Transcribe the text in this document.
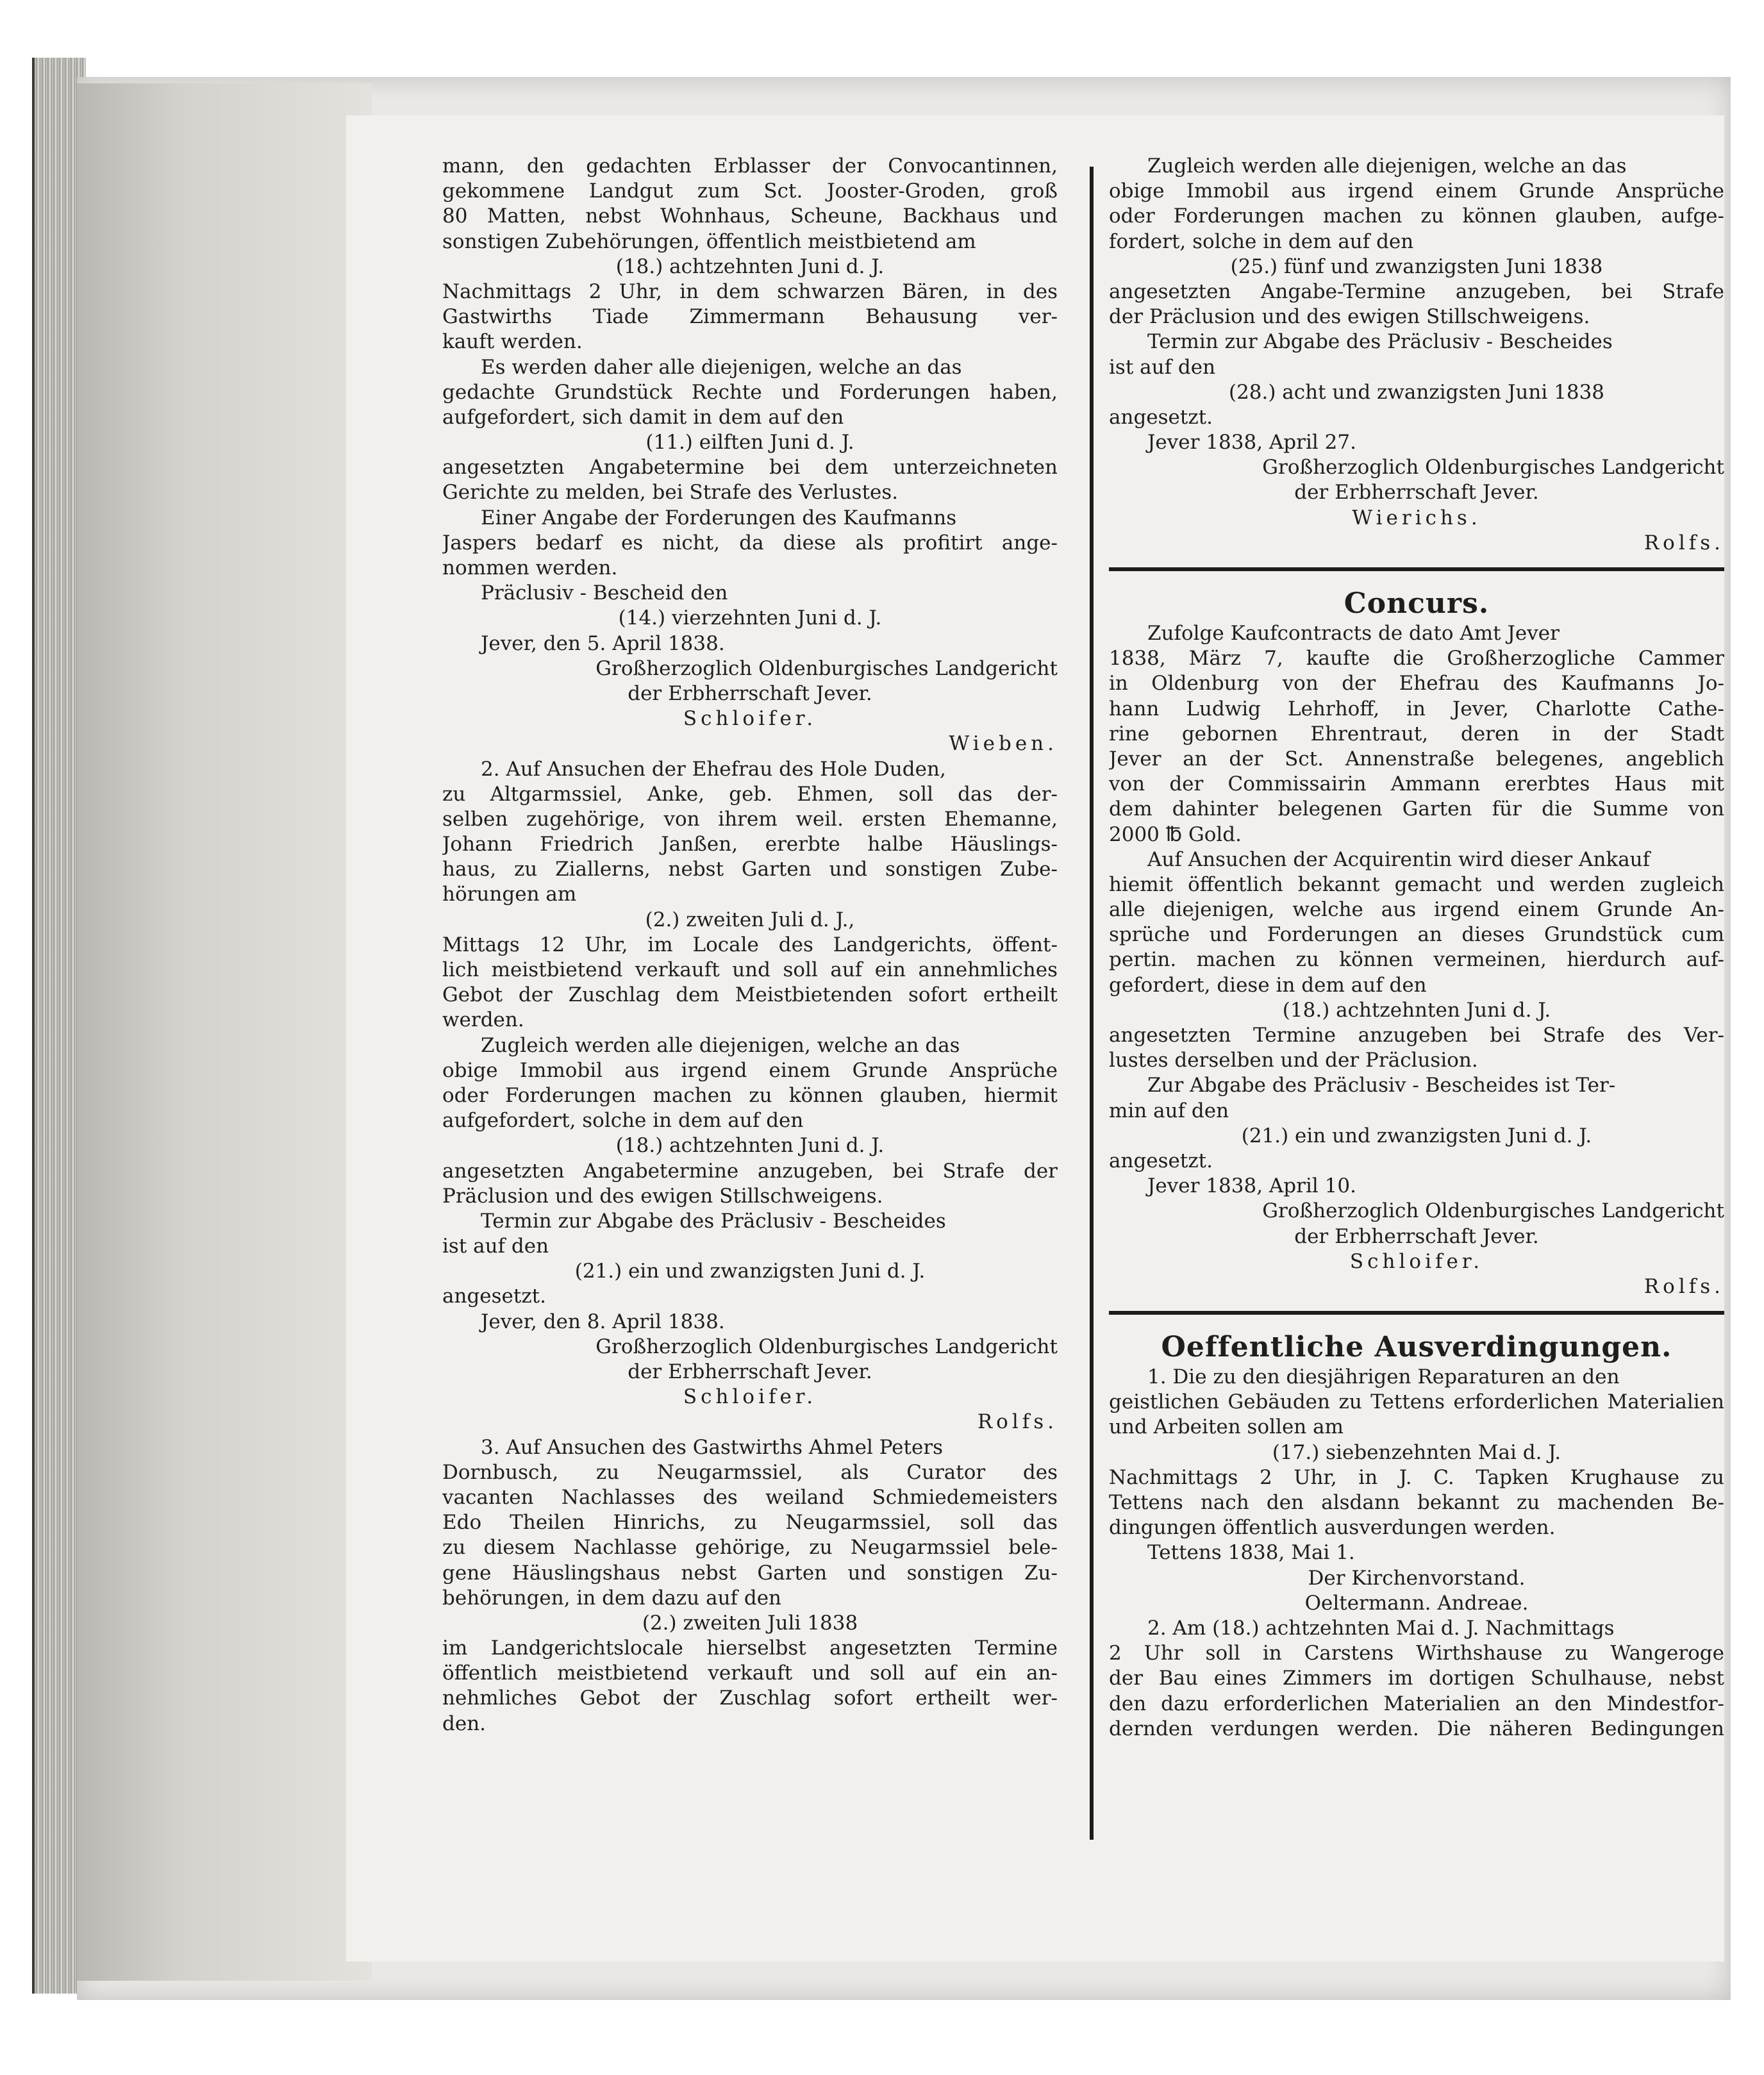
mann, den gedachten Erblasser der Convocantinnen,
gekommene Landgut zum Sct. Jooster-Groden, groß
80 Matten, nebst Wohnhaus, Scheune, Backhaus und
sonstigen Zubehörungen, öffentlich meistbietend am
(18.) achtzehnten Juni d. J.
Nachmittags 2 Uhr, in dem schwarzen Bären, in des
Gastwirths Tiade Zimmermann Behausung ver-
kauft werden.
Es werden daher alle diejenigen, welche an das
gedachte Grundstück Rechte und Forderungen haben,
aufgefordert, sich damit in dem auf den
(11.) eilften Juni d. J.
angesetzten Angabetermine bei dem unterzeichneten
Gerichte zu melden, bei Strafe des Verlustes.
Einer Angabe der Forderungen des Kaufmanns
Jaspers bedarf es nicht, da diese als profitirt ange-
nommen werden.
Präclusiv - Bescheid den
(14.) vierzehnten Juni d. J.
Jever, den 5. April 1838.
Großherzoglich Oldenburgisches Landgericht
der Erbherrschaft Jever.
Schloifer.
Wieben.
2. Auf Ansuchen der Ehefrau des Hole Duden,
zu Altgarmssiel, Anke, geb. Ehmen, soll das der-
selben zugehörige, von ihrem weil. ersten Ehemanne,
Johann Friedrich Janßen, ererbte halbe Häuslings-
haus, zu Ziallerns, nebst Garten und sonstigen Zube-
hörungen am
(2.) zweiten Juli d. J.,
Mittags 12 Uhr, im Locale des Landgerichts, öffent-
lich meistbietend verkauft und soll auf ein annehmliches
Gebot der Zuschlag dem Meistbietenden sofort ertheilt
werden.
Zugleich werden alle diejenigen, welche an das
obige Immobil aus irgend einem Grunde Ansprüche
oder Forderungen machen zu können glauben, hiermit
aufgefordert, solche in dem auf den
(18.) achtzehnten Juni d. J.
angesetzten Angabetermine anzugeben, bei Strafe der
Präclusion und des ewigen Stillschweigens.
Termin zur Abgabe des Präclusiv - Bescheides
ist auf den
(21.) ein und zwanzigsten Juni d. J.
angesetzt.
Jever, den 8. April 1838.
Großherzoglich Oldenburgisches Landgericht
der Erbherrschaft Jever.
Schloifer.
Rolfs.
3. Auf Ansuchen des Gastwirths Ahmel Peters
Dornbusch, zu Neugarmssiel, als Curator des
vacanten Nachlasses des weiland Schmiedemeisters
Edo Theilen Hinrichs, zu Neugarmssiel, soll das
zu diesem Nachlasse gehörige, zu Neugarmssiel bele-
gene Häuslingshaus nebst Garten und sonstigen Zu-
behörungen, in dem dazu auf den
(2.) zweiten Juli 1838
im Landgerichtslocale hierselbst angesetzten Termine
öffentlich meistbietend verkauft und soll auf ein an-
nehmliches Gebot der Zuschlag sofort ertheilt wer-
den.
Zugleich werden alle diejenigen, welche an das
obige Immobil aus irgend einem Grunde Ansprüche
oder Forderungen machen zu können glauben, aufge-
fordert, solche in dem auf den
(25.) fünf und zwanzigsten Juni 1838
angesetzten Angabe-Termine anzugeben, bei Strafe
der Präclusion und des ewigen Stillschweigens.
Termin zur Abgabe des Präclusiv - Bescheides
ist auf den
(28.) acht und zwanzigsten Juni 1838
angesetzt.
Jever 1838, April 27.
Großherzoglich Oldenburgisches Landgericht
der Erbherrschaft Jever.
Wierichs.
Rolfs.
Concurs.
Zufolge Kaufcontracts de dato Amt Jever
1838, März 7, kaufte die Großherzogliche Cammer
in Oldenburg von der Ehefrau des Kaufmanns Jo-
hann Ludwig Lehrhoff, in Jever, Charlotte Cathe-
rine gebornen Ehrentraut, deren in der Stadt
Jever an der Sct. Annenstraße belegenes, angeblich
von der Commissairin Ammann ererbtes Haus mit
dem dahinter belegenen Garten für die Summe von
2000 ℔ Gold.
Auf Ansuchen der Acquirentin wird dieser Ankauf
hiemit öffentlich bekannt gemacht und werden zugleich
alle diejenigen, welche aus irgend einem Grunde An-
sprüche und Forderungen an dieses Grundstück cum
pertin. machen zu können vermeinen, hierdurch auf-
gefordert, diese in dem auf den
(18.) achtzehnten Juni d. J.
angesetzten Termine anzugeben bei Strafe des Ver-
lustes derselben und der Präclusion.
Zur Abgabe des Präclusiv - Bescheides ist Ter-
min auf den
(21.) ein und zwanzigsten Juni d. J.
angesetzt.
Jever 1838, April 10.
Großherzoglich Oldenburgisches Landgericht
der Erbherrschaft Jever.
Schloifer.
Rolfs.
Oeffentliche Ausverdingungen.
1. Die zu den diesjährigen Reparaturen an den
geistlichen Gebäuden zu Tettens erforderlichen Materialien
und Arbeiten sollen am
(17.) siebenzehnten Mai d. J.
Nachmittags 2 Uhr, in J. C. Tapken Krughause zu
Tettens nach den alsdann bekannt zu machenden Be-
dingungen öffentlich ausverdungen werden.
Tettens 1838, Mai 1.
Der Kirchenvorstand.
Oeltermann. Andreae.
2. Am (18.) achtzehnten Mai d. J. Nachmittags
2 Uhr soll in Carstens Wirthshause zu Wangeroge
der Bau eines Zimmers im dortigen Schulhause, nebst
den dazu erforderlichen Materialien an den Mindestfor-
dernden verdungen werden. Die näheren Bedingungen
